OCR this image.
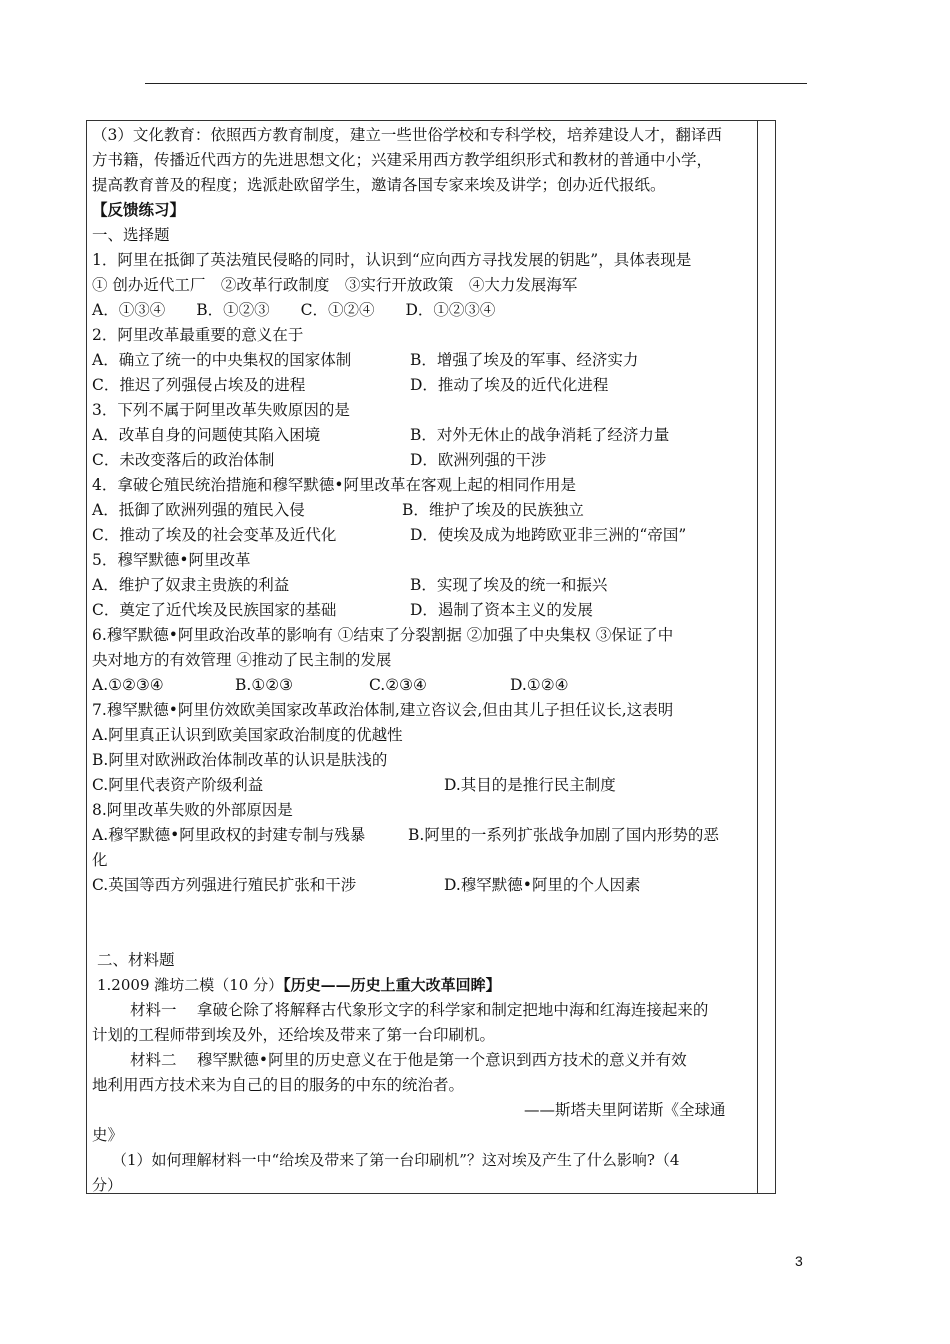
（3）文化教育：依照西方教育制度，建立一些世俗学校和专科学校，培养建设人才，翻译西
方书籍，传播近代西方的先进思想文化；兴建采用西方教学组织形式和教材的普通中小学，
提高教育普及的程度；选派赴欧留学生，邀请各国专家来埃及讲学；创办近代报纸。
【反馈练习】
一、选择题
1．阿里在抵御了英法殖民侵略的同时，认识到“应向西方寻找发展的钥匙”，具体表现是
① 创办近代工厂　②改革行政制度　③实行开放政策　④大力发展海军
A．①③④　　B．①②③　　C．①②④　　D．①②③④
2．阿里改革最重要的意义在于
A．确立了统一的中央集权的国家体制	B．增强了埃及的军事、经济实力
C．推迟了列强侵占埃及的进程	D．推动了埃及的近代化进程
3．下列不属于阿里改革失败原因的是
A．改革自身的问题使其陷入困境	B．对外无休止的战争消耗了经济力量
C．未改变落后的政治体制	D．欧洲列强的干涉
4．拿破仑殖民统治措施和穆罕默德•阿里改革在客观上起的相同作用是
A．抵御了欧洲列强的殖民入侵	B．维护了埃及的民族独立
C．推动了埃及的社会变革及近代化	D．使埃及成为地跨欧亚非三洲的“帝国”
5．穆罕默德•阿里改革
A．维护了奴隶主贵族的利益	B．实现了埃及的统一和振兴
C．奠定了近代埃及民族国家的基础	D．遏制了资本主义的发展
6.穆罕默德•阿里政治改革的影响有 ①结束了分裂割据 ②加强了中央集权 ③保证了中
央对地方的有效管理 ④推动了民主制的发展
A.①②③④	B.①②③	C.②③④	D.①②④
7.穆罕默德•阿里仿效欧美国家改革政治体制,建立咨议会,但由其儿子担任议长,这表明
A.阿里真正认识到欧美国家政治制度的优越性
B.阿里对欧洲政治体制改革的认识是肤浅的
C.阿里代表资产阶级利益	D.其目的是推行民主制度
8.阿里改革失败的外部原因是
A.穆罕默德•阿里政权的封建专制与残暴	B.阿里的一系列扩张战争加剧了国内形势的恶
化
C.英国等西方列强进行殖民扩张和干涉	D.穆罕默德•阿里的个人因素
二、材料题
1.2009 潍坊二模（10 分）【历史——历史上重大改革回眸】
材料一　 拿破仑除了将解释古代象形文字的科学家和制定把地中海和红海连接起来的
计划的工程师带到埃及外，还给埃及带来了第一台印刷机。
材料二　 穆罕默德•阿里的历史意义在于他是第一个意识到西方技术的意义并有效
地利用西方技术来为自己的目的服务的中东的统治者。
——斯塔夫里阿诺斯《全球通
史》
（1）如何理解材料一中“给埃及带来了第一台印刷机”？这对埃及产生了什么影响?（4
分）
3
